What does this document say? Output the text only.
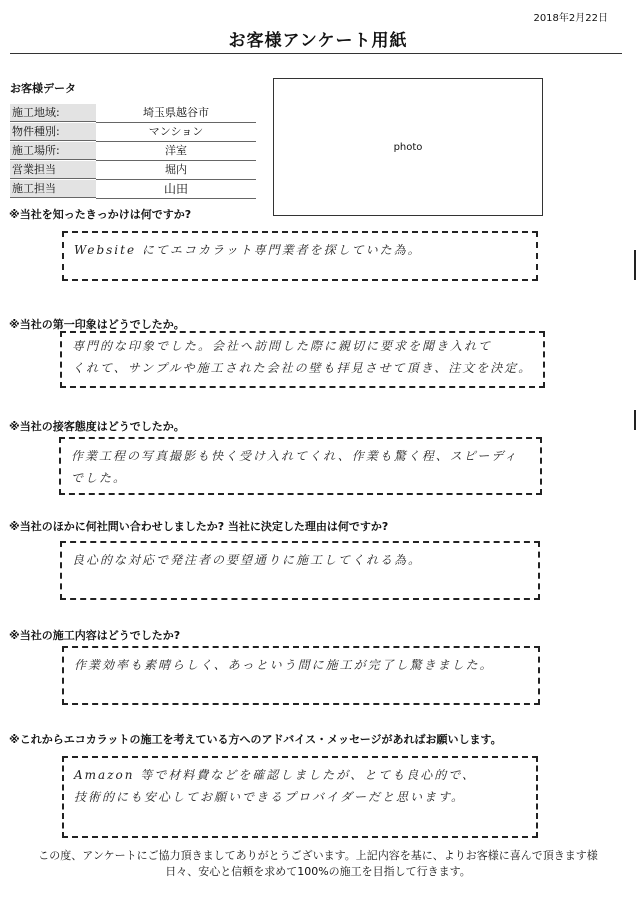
2018年2月22日
お客様アンケート用紙
お客様データ
施工地域:	埼玉県越谷市
物件種別:	マンション
施工場所:	洋室
営業担当	堀内
施工担当	山田
photo
※当社を知ったきっかけは何ですか?
Website にてエコカラット専門業者を探していた為。
※当社の第一印象はどうでしたか。
専門的な印象でした。会社へ訪問した際に親切に要求を聞き入れて
くれて、サンプルや施工された会社の壁も拝見させて頂き、注文を決定。
※当社の接客態度はどうでしたか。
作業工程の写真撮影も快く受け入れてくれ、作業も驚く程、スピーディでした。
※当社のほかに何社問い合わせしましたか? 当社に決定した理由は何ですか?
良心的な対応で発注者の要望通りに施工してくれる為。
※当社の施工内容はどうでしたか?
作業効率も素晴らしく、あっという間に施工が完了し驚きました。
※これからエコカラットの施工を考えている方へのアドバイス・メッセージがあればお願いします。
Amazon 等で材料費などを確認しましたが、とても良心的で、
技術的にも安心してお願いできるプロバイダーだと思います。
この度、アンケートにご協力頂きましてありがとうございます。上記内容を基に、よりお客様に喜んで頂きます様
日々、安心と信頼を求めて100%の施工を目指して行きます。
